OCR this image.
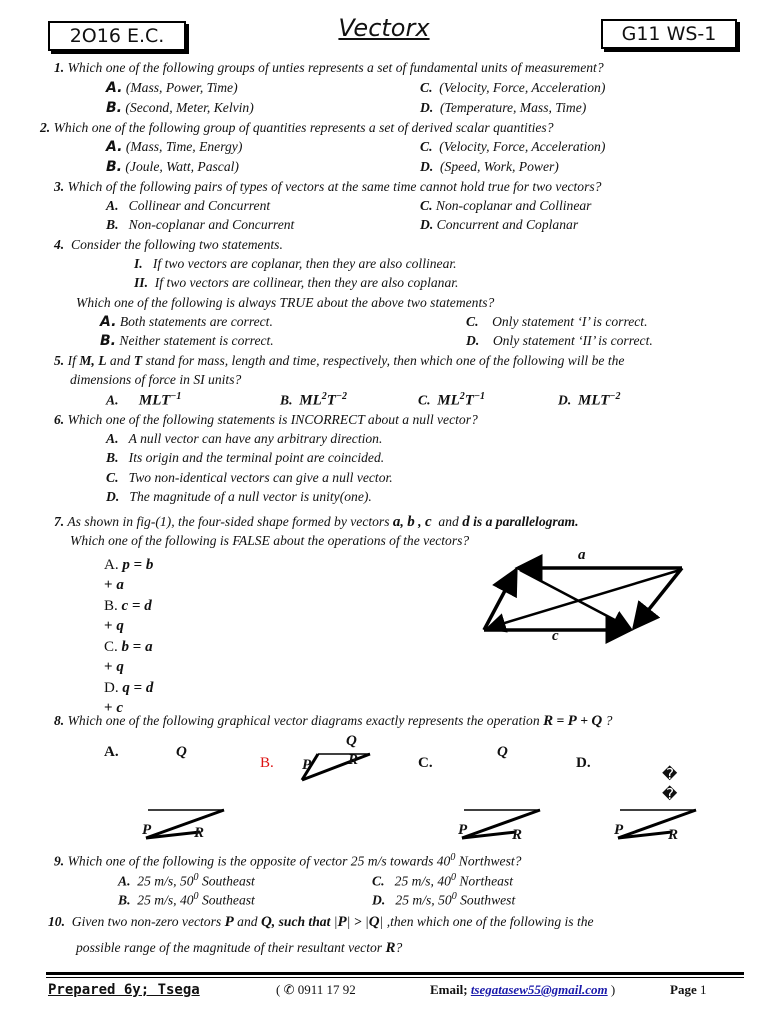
2O16 E.C.	Vectorx	G11 WS-1
1. Which one of the following groups of unties represents a set of fundamental units of measurement?
A. (Mass, Power, Time)
B. (Second, Meter, Kelvin)
C. (Velocity, Force, Acceleration)
D. (Temperature, Mass, Time)
2. Which one of the following group of quantities represents a set of derived scalar quantities?
A. (Mass, Time, Energy)
B. (Joule, Watt, Pascal)
C. (Velocity, Force, Acceleration)
D. (Speed, Work, Power)
3. Which of the following pairs of types of vectors at the same time cannot hold true for two vectors?
A. Collinear and Concurrent
B. Non-coplanar and Concurrent
C. Non-coplanar and Collinear
D. Concurrent and Coplanar
4. Consider the following two statements.
I. If two vectors are coplanar, then they are also collinear.
II. If two vectors are collinear, then they are also coplanar.
Which one of the following is always TRUE about the above two statements?
A. Both statements are correct.
B. Neither statement is correct.
C. Only statement ‘I’ is correct.
D. Only statement ‘II’ is correct.
5. If M, L and T stand for mass, length and time, respectively, then which one of the following will be the
dimensions of force in SI units?
A. $MLT^{-1}$	B. $ML^2T^{-2}$	C. $ML^2T^{-1}$	D. $MLT^{-2}$
6. Which one of the following statements is INCORRECT about a null vector?
A. A null vector can have any arbitrary direction.
B. Its origin and the terminal point are coincided.
C. Two non-identical vectors can give a null vector.
D. The magnitude of a null vector is unity(one).
7. As shown in fig-(1), the four-sided shape formed by vectors a, b , c and d is a parallelogram.
Which one of the following is FALSE about the operations of the vectors?
A. p = b
+ a
B. c = d
+ q
C. b = a
+ q
D. q = d
+ c
a
c
8. Which one of the following graphical vector diagrams exactly represents the operation R = P + Q ?
A.
B.	C.	D.
Q
P	R
Q
P R	Q
P	R
�
�
P	R
9. Which one of the following is the opposite of vector 25 m/s towards $40^0$ Northwest?
A. 25 m/s, $50^0$ Southeast
B. 25 m/s, $40^0$ Southeast
C. 25 m/s, $40^0$ Northeast
D. 25 m/s, $50^0$ Southwest
10. Given two non-zero vectors P and Q, such that |P| > |Q| ,then which one of the following is the
possible range of the magnitude of their resultant vector R?
Prepared 6y; Tsega	( ✆ 0911 17 92	Email; tsegatasew55@gmail.com )	Page 1
